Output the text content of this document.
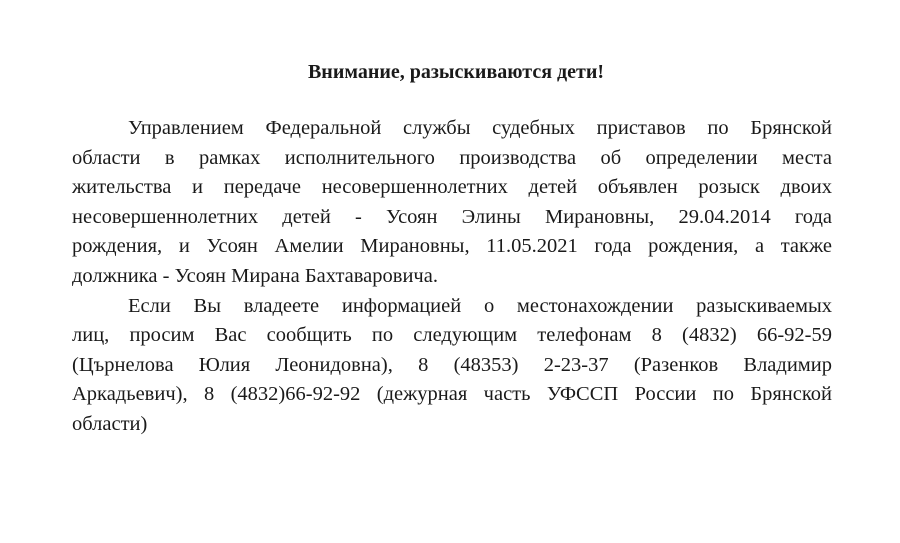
Внимание, разыскиваются дети!
Управлением Федеральной службы судебных приставов по Брянской
области в рамках исполнительного производства об определении места
жительства и передаче несовершеннолетних детей объявлен розыск двоих
несовершеннолетних детей - Усоян Элины Мирановны, 29.04.2014 года
рождения, и Усоян Амелии Мирановны, 11.05.2021 года рождения, а также
должника - Усоян Мирана Бахтаваровича.
Если Вы владеете информацией о местонахождении разыскиваемых
лиц, просим Вас сообщить по следующим телефонам 8 (4832) 66-92-59
(Църнелова Юлия Леонидовна), 8 (48353) 2-23-37 (Разенков Владимир
Аркадьевич), 8 (4832)66-92-92 (дежурная часть УФССП России по Брянской
области)
